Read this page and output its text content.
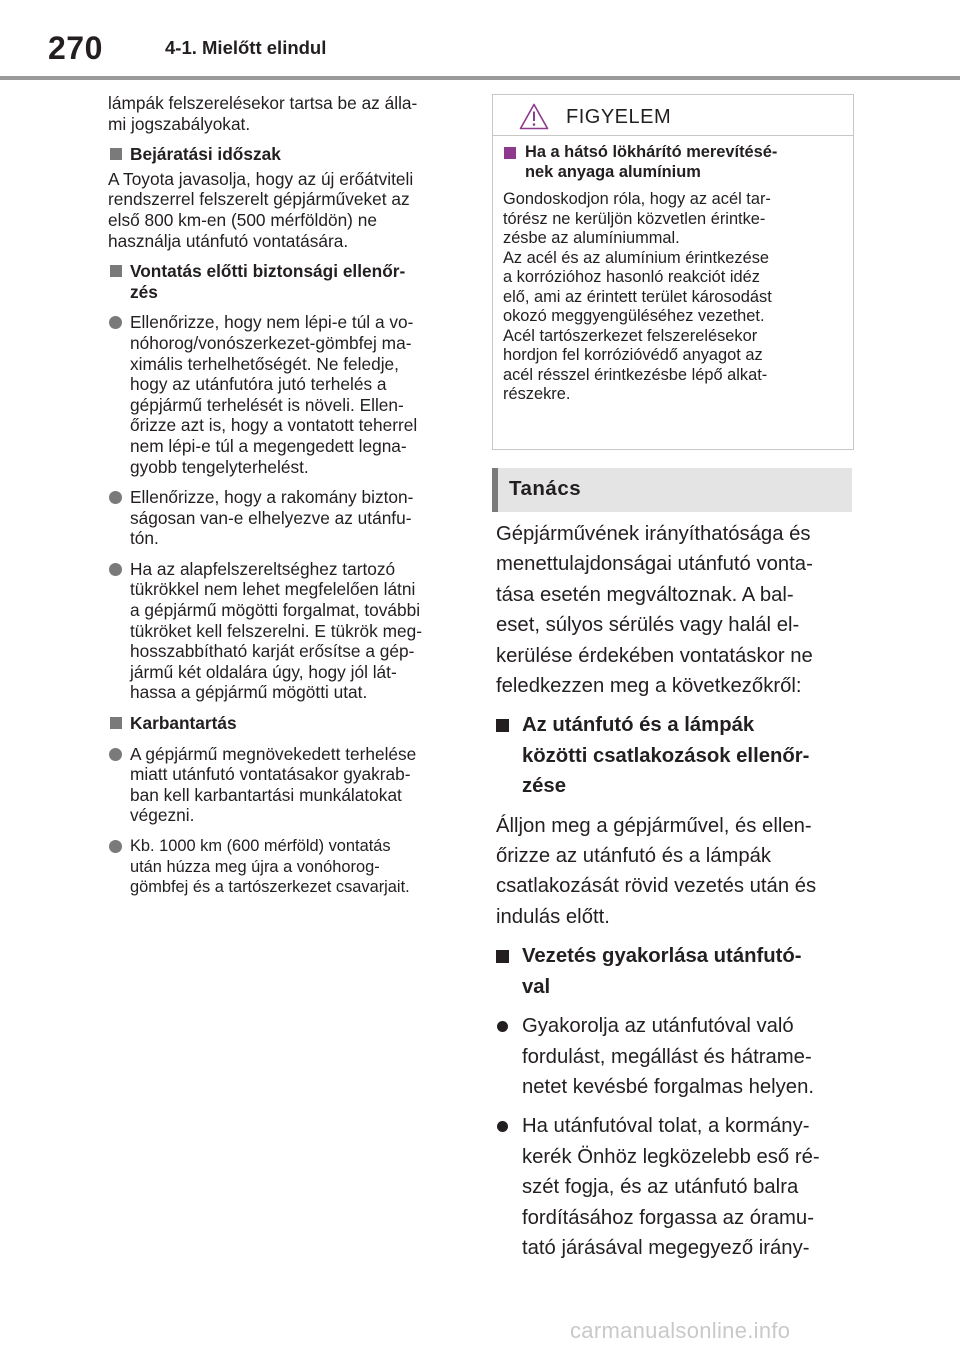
270	4-1. Mielőtt elindul

lámpák felszerelésekor tartsa be az álla-

mi jogszabályokat.

Bejáratási időszak

A Toyota javasolja, hogy az új erőátviteli

rendszerrel felszerelt gépjárműveket az

első 800 km-en (500 mérföldön) ne

használja utánfutó vontatására.

Vontatás előtti biztonsági ellenőr-
zés
Ellenőrizze, hogy nem lépi-e túl a vo-
nóhorog/vonószerkezet-gömbfej ma-
ximális terhelhetőségét. Ne feledje,
hogy az utánfutóra jutó terhelés a
gépjármű terhelését is növeli. Ellen-
őrizze azt is, hogy a vontatott teherrel
nem lépi-e túl a megengedett legna-
gyobb tengelyterhelést.
Ellenőrizze, hogy a rakomány bizton-
ságosan van-e elhelyezve az utánfu-
tón.
Ha az alapfelszereltséghez tartozó
tükrökkel nem lehet megfelelően látni
a gépjármű mögötti forgalmat, további
tükröket kell felszerelni. E tükrök meg-
hosszabbítható karját erősítse a gép-
jármű két oldalára úgy, hogy jól lát-
hassa a gépjármű mögötti utat.
Karbantartás
A gépjármű megnövekedett terhelése
miatt utánfutó vontatásakor gyakrab-
ban kell karbantartási munkálatokat
végezni.
Kb. 1000 km (600 mérföld) vontatás
után húzza meg újra a vonóhorog-
gömbfej és a tartószerkezet csavarjait.
FIGYELEM
Ha a hátsó lökhárító merevítésé-
nek anyaga alumínium

Gondoskodjon róla, hogy az acél tar-

tórész ne kerüljön közvetlen érintke-

zésbe az alumíniummal.

Az acél és az alumínium érintkezése

a korrózióhoz hasonló reakciót idéz

elő, ami az érintett terület károsodást

okozó meggyengüléséhez vezethet.

Acél tartószerkezet felszerelésekor

hordjon fel korrózióvédő anyagot az

acél résszel érintkezésbe lépő alkat-

részekre.

Tanács

Gépjárművének irányíthatósága és

menettulajdonságai utánfutó vonta-

tása esetén megváltoznak. A bal-

eset, súlyos sérülés vagy halál el-

kerülése érdekében vontatáskor ne

feledkezzen meg a következőkről:

Az utánfutó és a lámpák
közötti csatlakozások ellenőr-
zése

Álljon meg a gépjárművel, és ellen-

őrizze az utánfutó és a lámpák

csatlakozását rövid vezetés után és

indulás előtt.

Vezetés gyakorlása utánfutó-
val
Gyakorolja az utánfutóval való
fordulást, megállást és hátrame-
netet kevésbé forgalmas helyen.
Ha utánfutóval tolat, a kormány-
kerék Önhöz legközelebb eső ré-
szét fogja, és az utánfutó balra
fordításához forgassa az óramu-
tató járásával megegyező irány-
carmanualsonline.info
